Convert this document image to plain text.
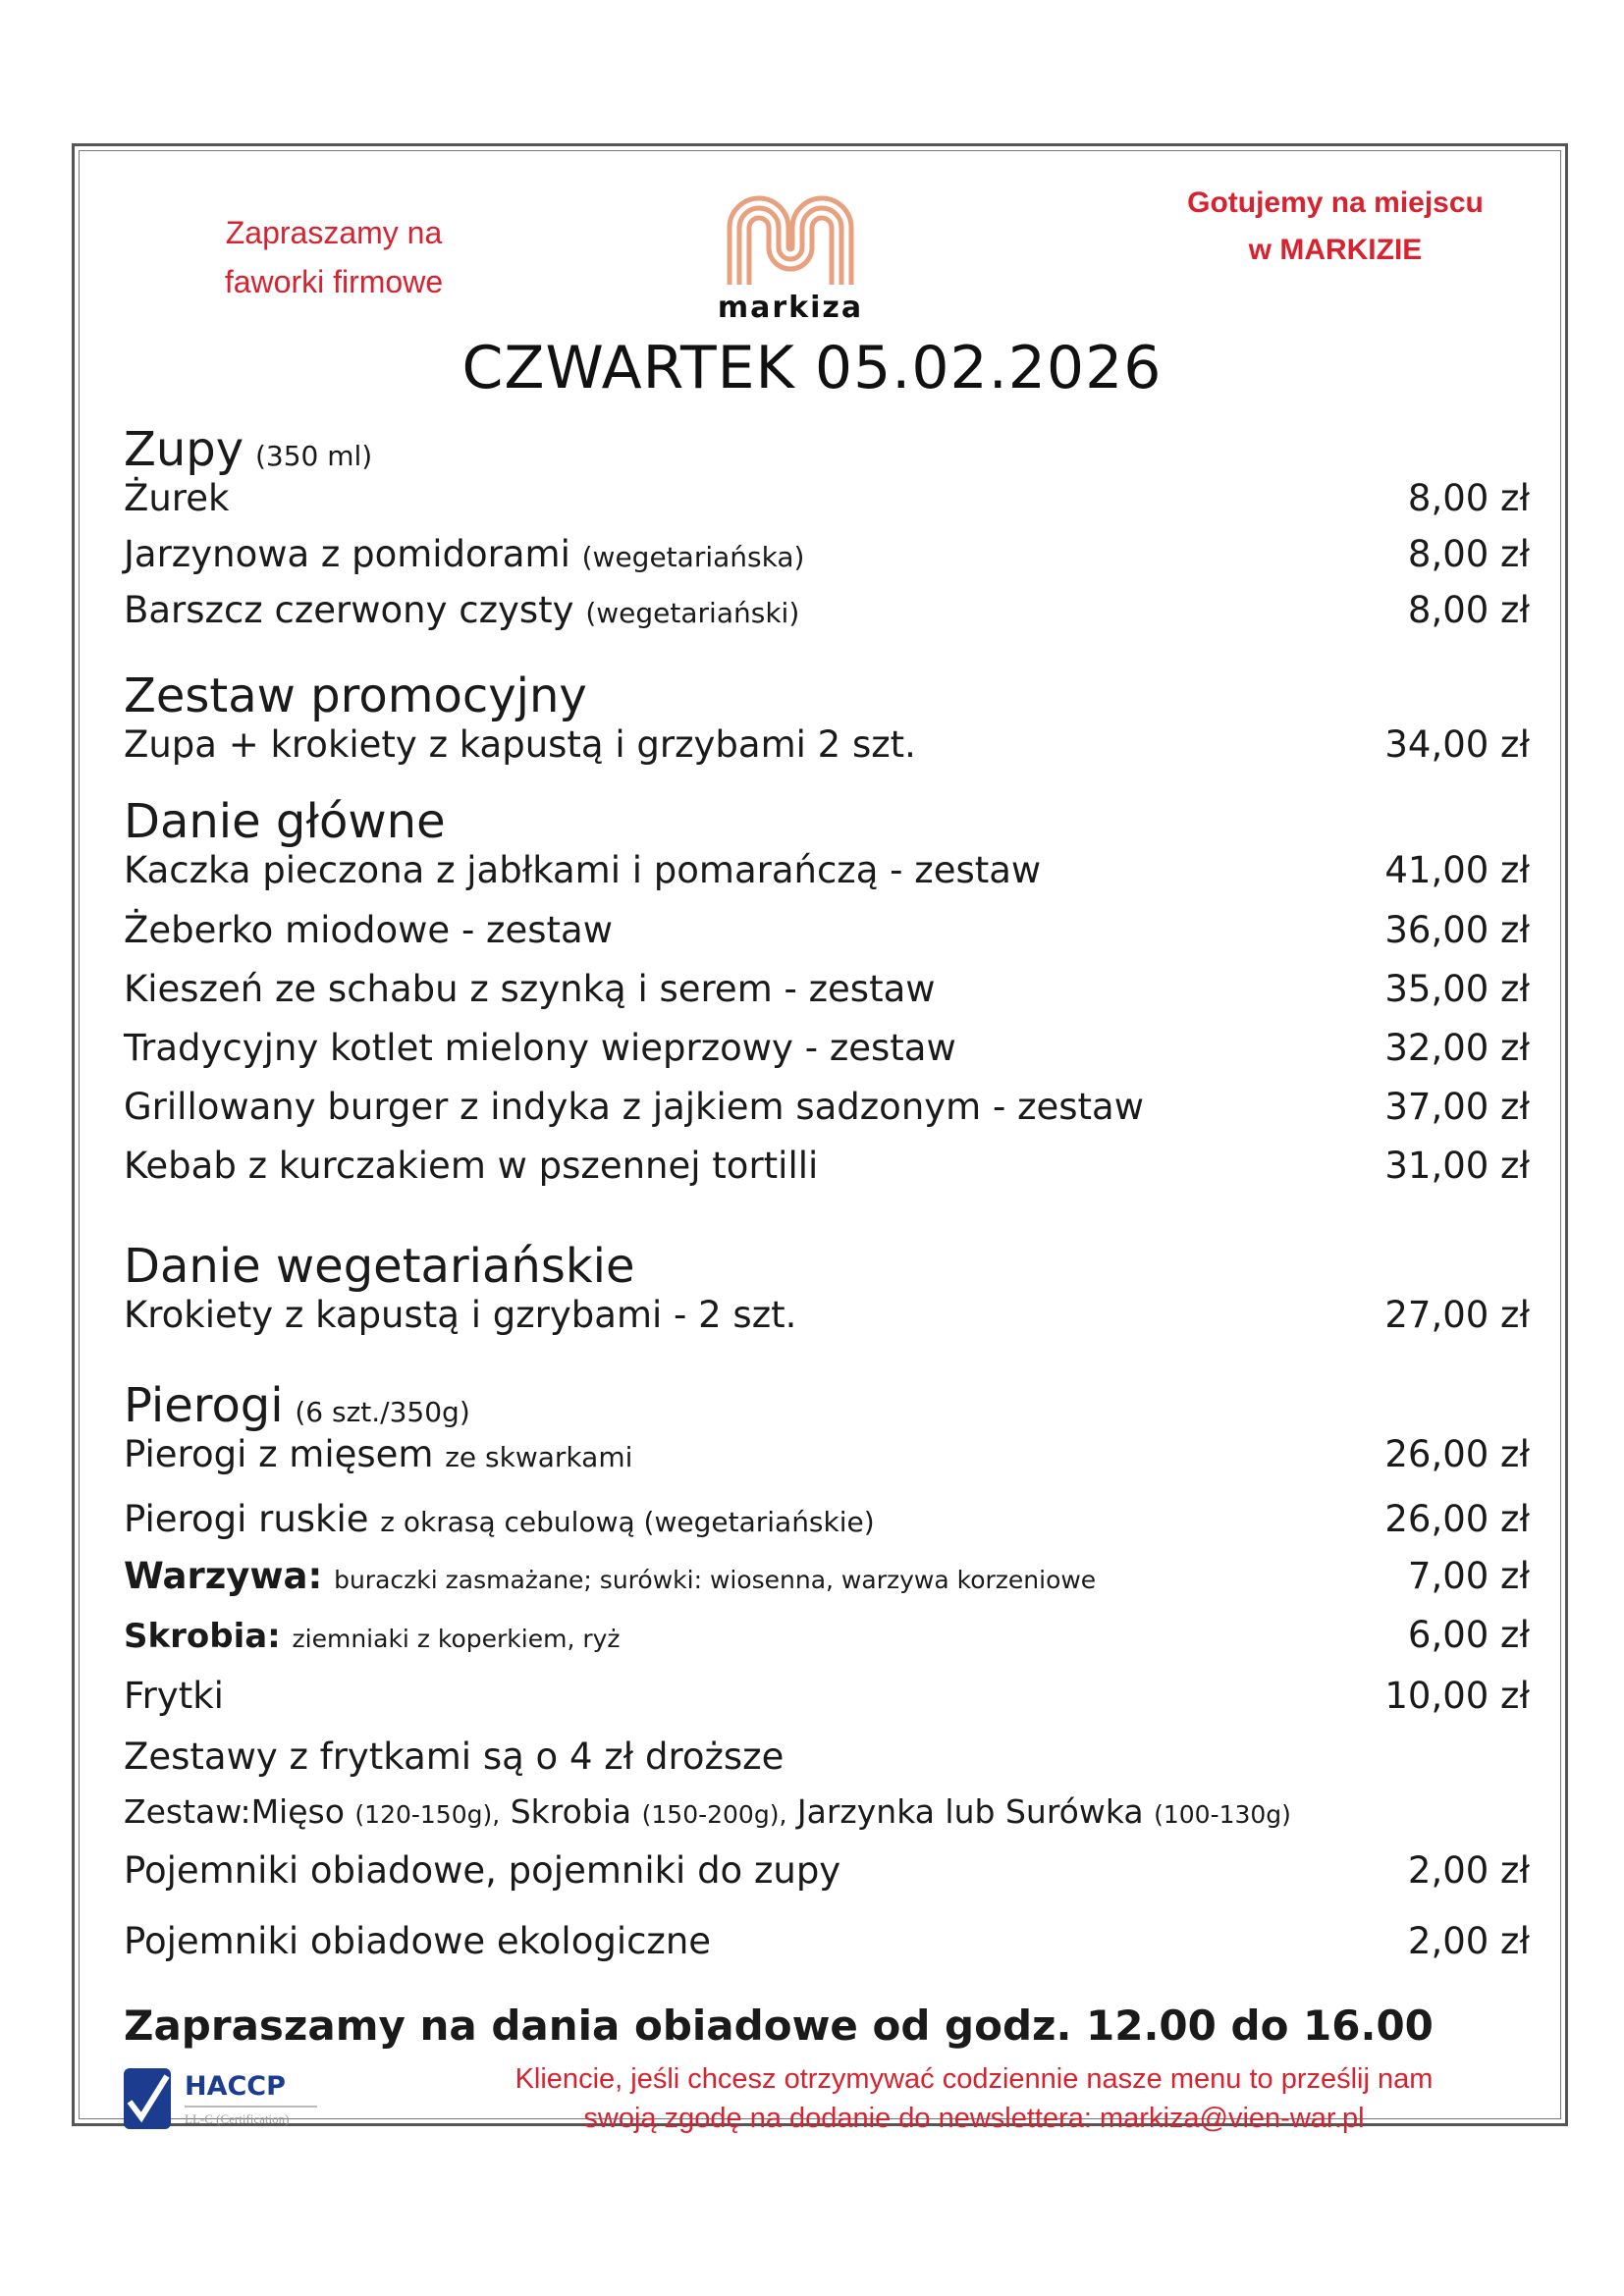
Zapraszamy na
faworki firmowe
markiza
Gotujemy na miejscu
w MARKIZIE
CZWARTEK 05.02.2026
Zupy (350 ml)
Żurek	8,00 zł
Jarzynowa z pomidorami (wegetariańska)	8,00 zł
Barszcz czerwony czysty (wegetariański)	8,00 zł
Zestaw promocyjny
Zupa + krokiety z kapustą i grzybami 2 szt.	34,00 zł
Danie główne
Kaczka pieczona z jabłkami i pomarańczą - zestaw	41,00 zł
Żeberko miodowe - zestaw	36,00 zł
Kieszeń ze schabu z szynką i serem - zestaw	35,00 zł
Tradycyjny kotlet mielony wieprzowy - zestaw	32,00 zł
Grillowany burger z indyka z jajkiem sadzonym - zestaw	37,00 zł
Kebab z kurczakiem w pszennej tortilli	31,00 zł
Danie wegetariańskie
Krokiety z kapustą i gzrybami - 2 szt.	27,00 zł
Pierogi (6 szt./350g)
Pierogi z mięsem ze skwarkami	26,00 zł
Pierogi ruskie z okrasą cebulową (wegetariańskie)	26,00 zł
Warzywa: buraczki zasmażane; surówki: wiosenna, warzywa korzeniowe	7,00 zł
Skrobia: ziemniaki z koperkiem, ryż	6,00 zł
Frytki	10,00 zł
Zestawy z frytkami są o 4 zł droższe
Zestaw:Mięso (120-150g), Skrobia (150-200g), Jarzynka lub Surówka (100-130g)
Pojemniki obiadowe, pojemniki do zupy	2,00 zł
Pojemniki obiadowe ekologiczne	2,00 zł
Zapraszamy na dania obiadowe od godz. 12.00 do 16.00
HACCP
LL-C (Certification)
Kliencie, jeśli chcesz otrzymywać codziennie nasze menu to prześlij nam
swoją zgodę na dodanie do newslettera: markiza@vien-war.pl
